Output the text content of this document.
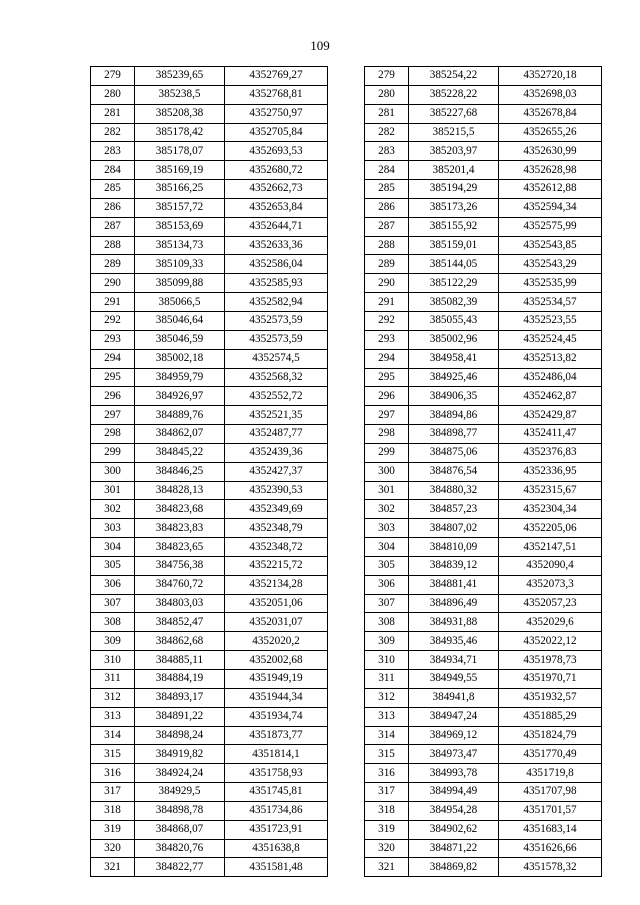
109
279	385239,65	4352769,27
280	385238,5	4352768,81
281	385208,38	4352750,97
282	385178,42	4352705,84
283	385178,07	4352693,53
284	385169,19	4352680,72
285	385166,25	4352662,73
286	385157,72	4352653,84
287	385153,69	4352644,71
288	385134,73	4352633,36
289	385109,33	4352586,04
290	385099,88	4352585,93
291	385066,5	4352582,94
292	385046,64	4352573,59
293	385046,59	4352573,59
294	385002,18	4352574,5
295	384959,79	4352568,32
296	384926,97	4352552,72
297	384889,76	4352521,35
298	384862,07	4352487,77
299	384845,22	4352439,36
300	384846,25	4352427,37
301	384828,13	4352390,53
302	384823,68	4352349,69
303	384823,83	4352348,79
304	384823,65	4352348,72
305	384756,38	4352215,72
306	384760,72	4352134,28
307	384803,03	4352051,06
308	384852,47	4352031,07
309	384862,68	4352020,2
310	384885,11	4352002,68
311	384884,19	4351949,19
312	384893,17	4351944,34
313	384891,22	4351934,74
314	384898,24	4351873,77
315	384919,82	4351814,1
316	384924,24	4351758,93
317	384929,5	4351745,81
318	384898,78	4351734,86
319	384868,07	4351723,91
320	384820,76	4351638,8
321	384822,77	4351581,48
279	385254,22	4352720,18
280	385228,22	4352698,03
281	385227,68	4352678,84
282	385215,5	4352655,26
283	385203,97	4352630,99
284	385201,4	4352628,98
285	385194,29	4352612,88
286	385173,26	4352594,34
287	385155,92	4352575,99
288	385159,01	4352543,85
289	385144,05	4352543,29
290	385122,29	4352535,99
291	385082,39	4352534,57
292	385055,43	4352523,55
293	385002,96	4352524,45
294	384958,41	4352513,82
295	384925,46	4352486,04
296	384906,35	4352462,87
297	384894,86	4352429,87
298	384898,77	4352411,47
299	384875,06	4352376,83
300	384876,54	4352336,95
301	384880,32	4352315,67
302	384857,23	4352304,34
303	384807,02	4352205,06
304	384810,09	4352147,51
305	384839,12	4352090,4
306	384881,41	4352073,3
307	384896,49	4352057,23
308	384931,88	4352029,6
309	384935,46	4352022,12
310	384934,71	4351978,73
311	384949,55	4351970,71
312	384941,8	4351932,57
313	384947,24	4351885,29
314	384969,12	4351824,79
315	384973,47	4351770,49
316	384993,78	4351719,8
317	384994,49	4351707,98
318	384954,28	4351701,57
319	384902,62	4351683,14
320	384871,22	4351626,66
321	384869,82	4351578,32
